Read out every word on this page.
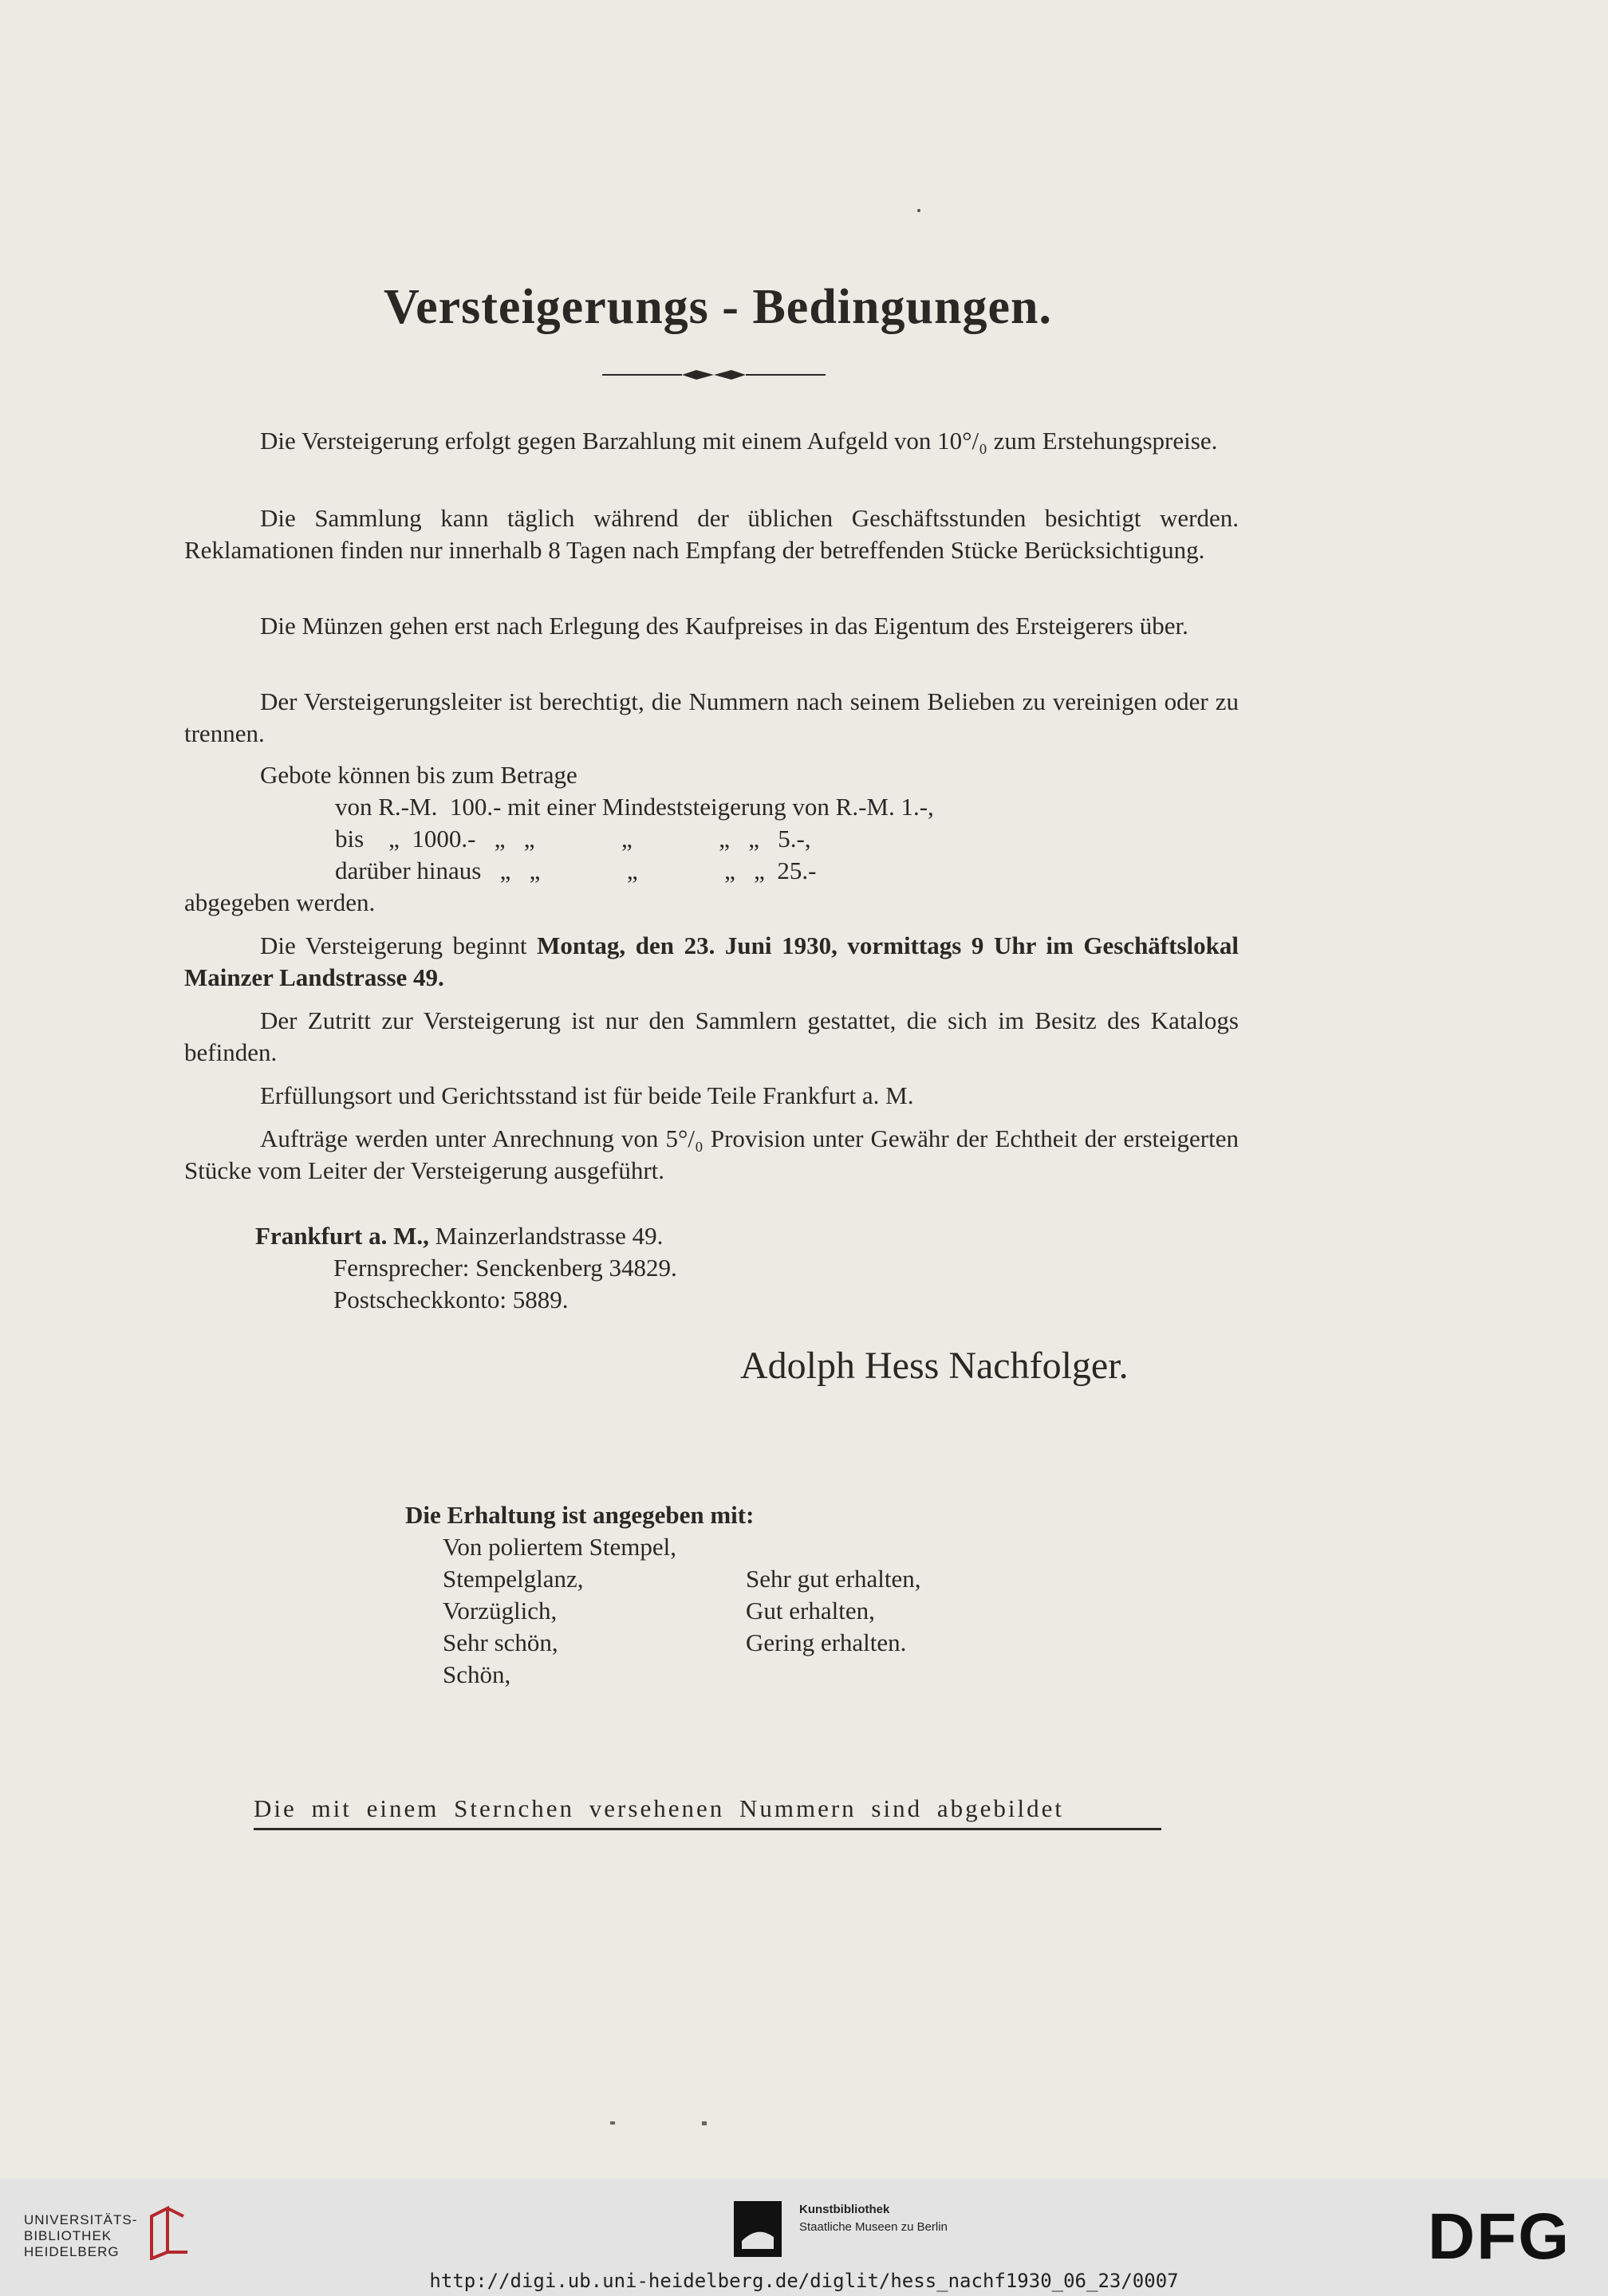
Versteigerungs - Bedingungen.
Die Versteigerung erfolgt gegen Barzahlung mit einem Aufgeld von 10°/₀ zum Erstehungspreise.
Die Sammlung kann täglich während der üblichen Geschäftsstunden besichtigt werden. Reklamationen finden nur innerhalb 8 Tagen nach Empfang der betreffenden Stücke Berücksichtigung.
Die Münzen gehen erst nach Erlegung des Kaufpreises in das Eigentum des Ersteigerers über.
Der Versteigerungsleiter ist berechtigt, die Nummern nach seinem Belieben zu vereinigen oder zu trennen.
Gebote können bis zum Betrage
von R.-M.  100.- mit einer Mindeststeigerung von R.-M. 1.-,
bis    „  1000.-   „   „              „              „   „   5.-,
darüber hinaus   „   „              „              „   „  25.-
abgegeben werden.
Die Versteigerung beginnt Montag, den 23. Juni 1930, vormittags 9 Uhr im Geschäftslokal Mainzer Landstrasse 49.
Der Zutritt zur Versteigerung ist nur den Sammlern gestattet, die sich im Besitz des Katalogs befinden.
Erfüllungsort und Gerichtsstand ist für beide Teile Frankfurt a. M.
Aufträge werden unter Anrechnung von 5°/₀ Provision unter Gewähr der Echtheit der ersteigerten Stücke vom Leiter der Versteigerung ausgeführt.
Frankfurt a. M., Mainzerlandstrasse 49.
Fernsprecher: Senckenberg 34829.
Postscheckkonto: 5889.
Adolph Hess Nachfolger.
Die Erhaltung ist angegeben mit:
Von poliertem Stempel,
Stempelglanz,
Vorzüglich,
Sehr schön,
Schön,
Sehr gut erhalten,
Gut erhalten,
Gering erhalten.
Die mit einem Sternchen versehenen Nummern sind abgebildet
UNIVERSITÄTS-
BIBLIOTHEK
HEIDELBERG
Kunstbibliothek
Staatliche Museen zu Berlin	DFG
http://digi.ub.uni-heidelberg.de/diglit/hess_nachf1930_06_23/0007
